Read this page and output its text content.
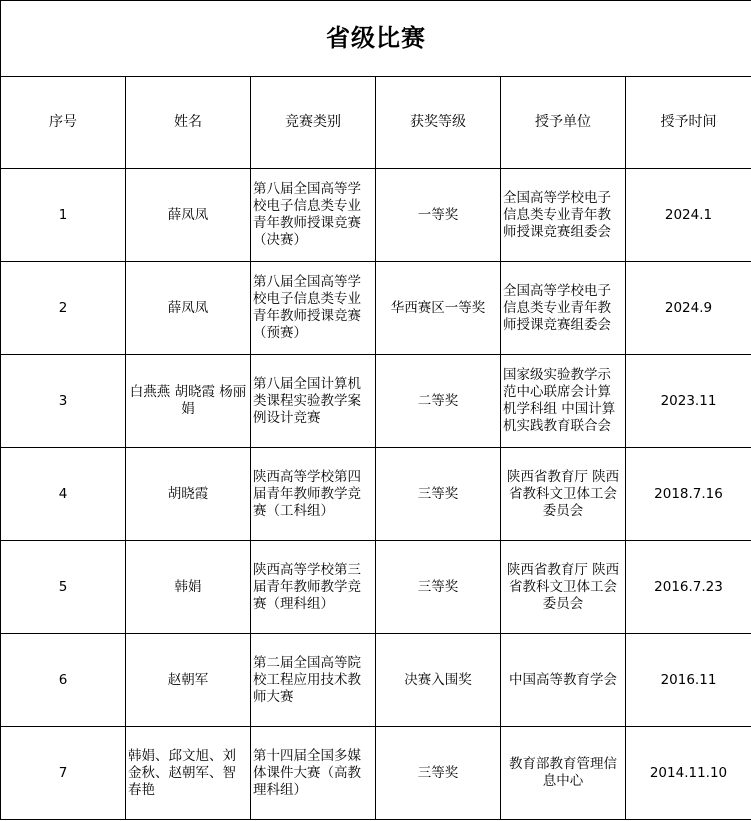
省级比赛					
序号	姓名	竞赛类别	获奖等级	授予单位	授予时间
1	薛凤凤	第八届全国高等学校电子信息类专业青年教师授课竞赛（决赛）	一等奖	全国高等学校电子信息类专业青年教师授课竞赛组委会	2024.1
2	薛凤凤	第八届全国高等学校电子信息类专业青年教师授课竞赛（预赛）	华西赛区一等奖	全国高等学校电子信息类专业青年教师授课竞赛组委会	2024.9
3	白燕燕 胡晓霞 杨丽娟	第八届全国计算机类课程实验教学案例设计竞赛	二等奖	国家级实验教学示范中心联席会计算机学科组 中国计算机实践教育联合会	2023.11
4	胡晓霞	陕西高等学校第四届青年教师教学竞赛（工科组）	三等奖	陕西省教育厅 陕西省教科文卫体工会委员会	2018.7.16
5	韩娟	陕西高等学校第三届青年教师教学竞赛（理科组）	三等奖	陕西省教育厅 陕西省教科文卫体工会委员会	2016.7.23
6	赵朝军	第二届全国高等院校工程应用技术教师大赛	决赛入围奖	中国高等教育学会	2016.11
7	韩娟、邱文旭、刘金秋、赵朝军、智春艳	第十四届全国多媒体课件大赛（高教理科组）	三等奖	教育部教育管理信息中心	2014.11.10
